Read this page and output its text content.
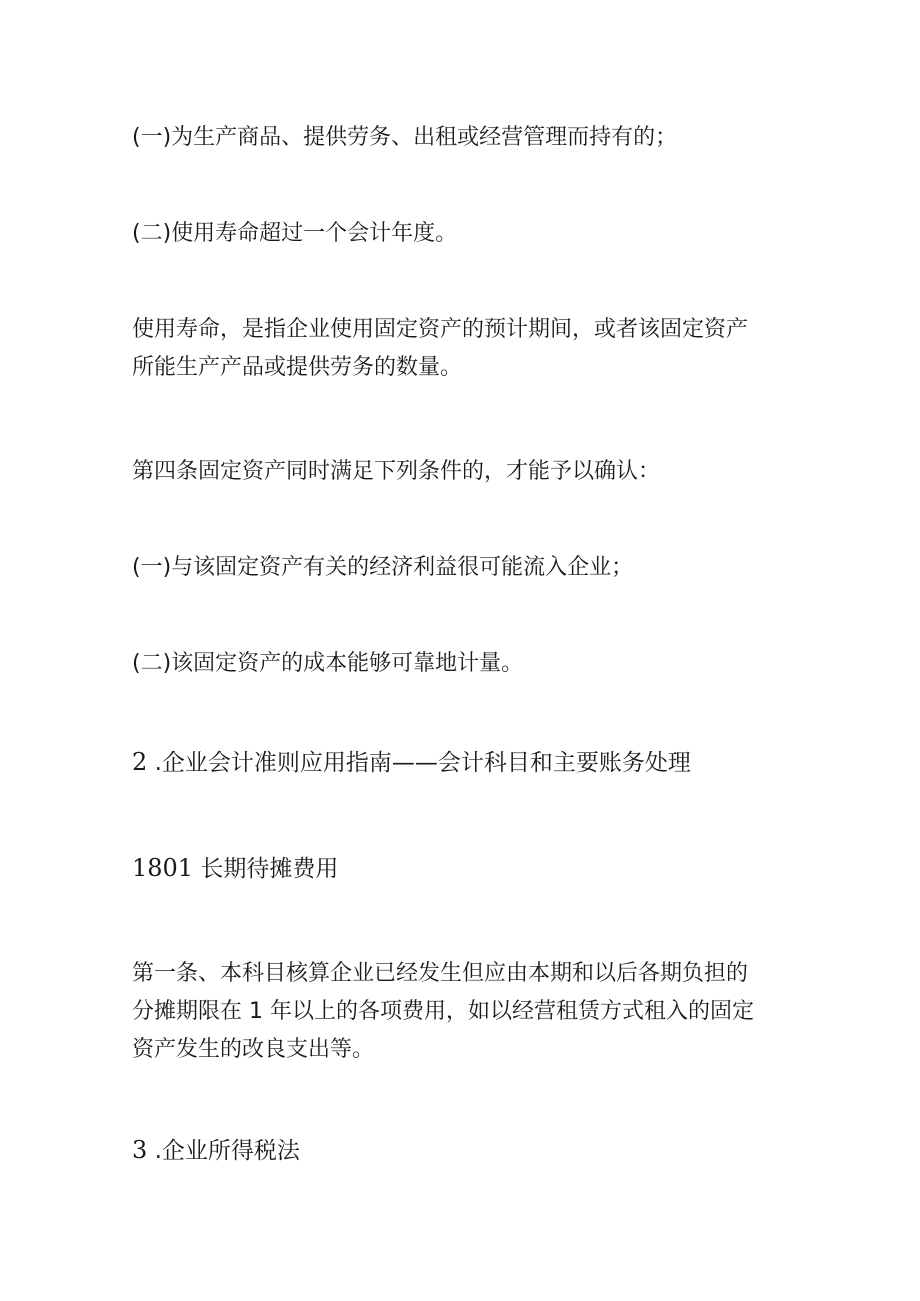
(一)为生产商品、提供劳务、出租或经营管理而持有的；

(二)使用寿命超过一个会计年度。

使用寿命，是指企业使用固定资产的预计期间，或者该固定资产
所能生产产品或提供劳务的数量。

第四条固定资产同时满足下列条件的，才能予以确认：

(一)与该固定资产有关的经济利益很可能流入企业；

(二)该固定资产的成本能够可靠地计量。

2 .企业会计准则应用指南——会计科目和主要账务处理

1801 长期待摊费用

第一条、本科目核算企业已经发生但应由本期和以后各期负担的
分摊期限在 1 年以上的各项费用，如以经营租赁方式租入的固定
资产发生的改良支出等。

3 .企业所得税法
